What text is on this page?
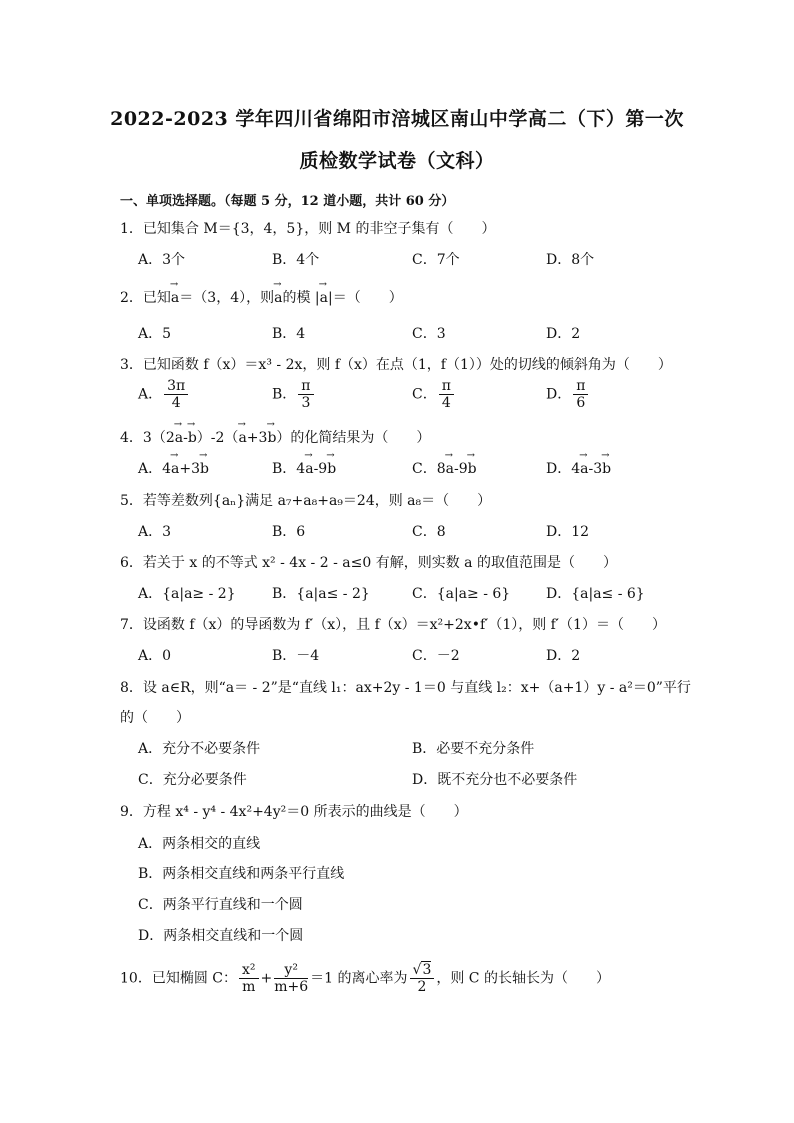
2022-2023 学年四川省绵阳市涪城区南山中学高二（下）第一次
质检数学试卷（文科）
一、单项选择题。（每题 5 分，12 道小题，共计 60 分）
1．已知集合 M＝{3，4，5}，则 M 的非空子集有（　　）
A．3个	B．4个	C．7个	D．8个
2．已知→ a＝（3，4），则→ a的模 |→ a|＝（　　）
A．5	B．4	C．3	D．2
3．已知函数 f（x）＝x³ - 2x，则 f（x）在点（1，f（1））处的切线的倾斜角为（　　）
A． $\frac{3\pi}{4}$	B． $\frac{\pi}{3}$	C． $\frac{\pi}{4}$	D． $\frac{\pi}{6}$
4．3（2→ a-→ b）-2（→ a+3→ b）的化简结果为（　　）
A．4→ a+3→ b	B．4→ a-9→ b	C．8→ a-9→ b	D．4→ a-3→ b
5．若等差数列{aₙ}满足 a₇+a₈+a₉＝24，则 a₈＝（　　）
A．3	B．6	C．8	D．12
6．若关于 x 的不等式 x² - 4x - 2 - a≤0 有解，则实数 a 的取值范围是（　　）
A．{a|a≥ - 2}	B．{a|a≤ - 2}	C．{a|a≥ - 6}	D．{a|a≤ - 6}
7．设函数 f（x）的导函数为 f′（x），且 f（x）＝x²+2x•f′（1），则 f′（1）＝（　　）
A．0	B．－4	C．－2	D．2
8．设 a∈R，则“a＝ - 2”是“直线 l₁：ax+2y - 1＝0 与直线 l₂：x+（a+1）y - a²＝0”平行
的（　　）
A．充分不必要条件	B．必要不充分条件
C．充分必要条件	D．既不充分也不必要条件
9．方程 x⁴ - y⁴ - 4x²+4y²＝0 所表示的曲线是（　　）
A．两条相交的直线
B．两条相交直线和两条平行直线
C．两条平行直线和一个圆
D．两条相交直线和一个圆
10．已知椭圆 C： $\frac{\text{x²}}{m} + \frac{\text{y²}}{m+6} =1$ 的离心率为 $\frac{√3}{2}$ ，则 C 的长轴长为（　　）
